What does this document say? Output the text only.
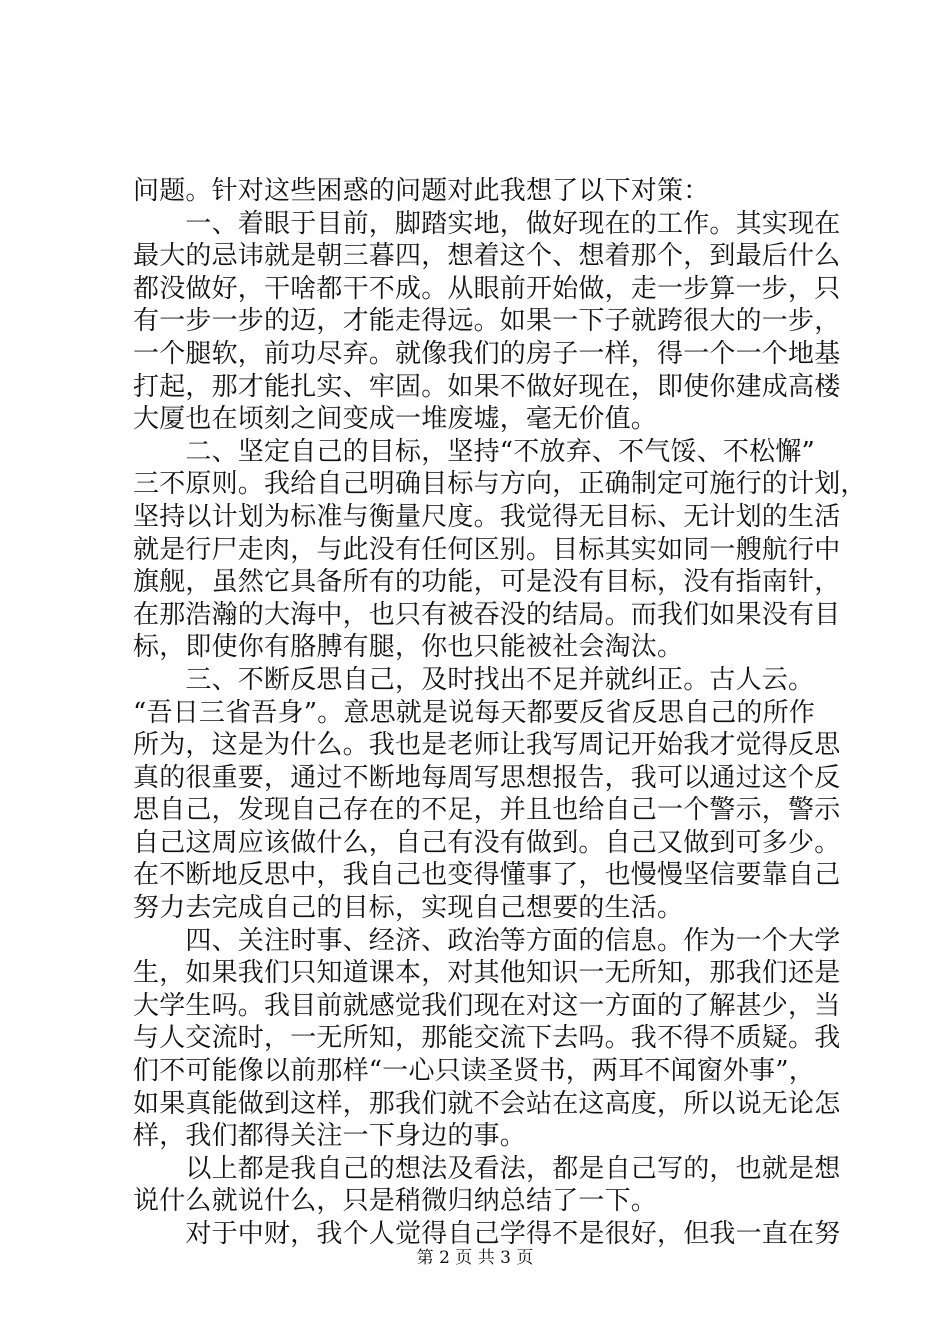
问题。针对这些困惑的问题对此我想了以下对策：
　　一、着眼于目前，脚踏实地，做好现在的工作。其实现在
最大的忌讳就是朝三暮四，想着这个、想着那个，到最后什么
都没做好，干啥都干不成。从眼前开始做，走一步算一步，只
有一步一步的迈，才能走得远。如果一下子就跨很大的一步，
一个腿软，前功尽弃。就像我们的房子一样，得一个一个地基
打起，那才能扎实、牢固。如果不做好现在，即使你建成高楼
大厦也在顷刻之间变成一堆废墟，毫无价值。
　　二、坚定自己的目标，坚持“不放弃、不气馁、不松懈”
三不原则。我给自己明确目标与方向，正确制定可施行的计划，
坚持以计划为标准与衡量尺度。我觉得无目标、无计划的生活
就是行尸走肉，与此没有任何区别。目标其实如同一艘航行中
旗舰，虽然它具备所有的功能，可是没有目标，没有指南针，
在那浩瀚的大海中，也只有被吞没的结局。而我们如果没有目
标，即使你有胳膊有腿，你也只能被社会淘汰。
　　三、不断反思自己，及时找出不足并就纠正。古人云。
“吾日三省吾身”。意思就是说每天都要反省反思自己的所作
所为，这是为什么。我也是老师让我写周记开始我才觉得反思
真的很重要，通过不断地每周写思想报告，我可以通过这个反
思自己，发现自己存在的不足，并且也给自己一个警示，警示
自己这周应该做什么，自己有没有做到。自己又做到可多少。
在不断地反思中，我自己也变得懂事了，也慢慢坚信要靠自己
努力去完成自己的目标，实现自己想要的生活。
　　四、关注时事、经济、政治等方面的信息。作为一个大学
生，如果我们只知道课本，对其他知识一无所知，那我们还是
大学生吗。我目前就感觉我们现在对这一方面的了解甚少，当
与人交流时，一无所知，那能交流下去吗。我不得不质疑。我
们不可能像以前那样“一心只读圣贤书，两耳不闻窗外事”，
如果真能做到这样，那我们就不会站在这高度，所以说无论怎
样，我们都得关注一下身边的事。
　　以上都是我自己的想法及看法，都是自己写的，也就是想
说什么就说什么，只是稍微归纳总结了一下。
　　对于中财，我个人觉得自己学得不是很好，但我一直在努
第 2 页 共 3 页
